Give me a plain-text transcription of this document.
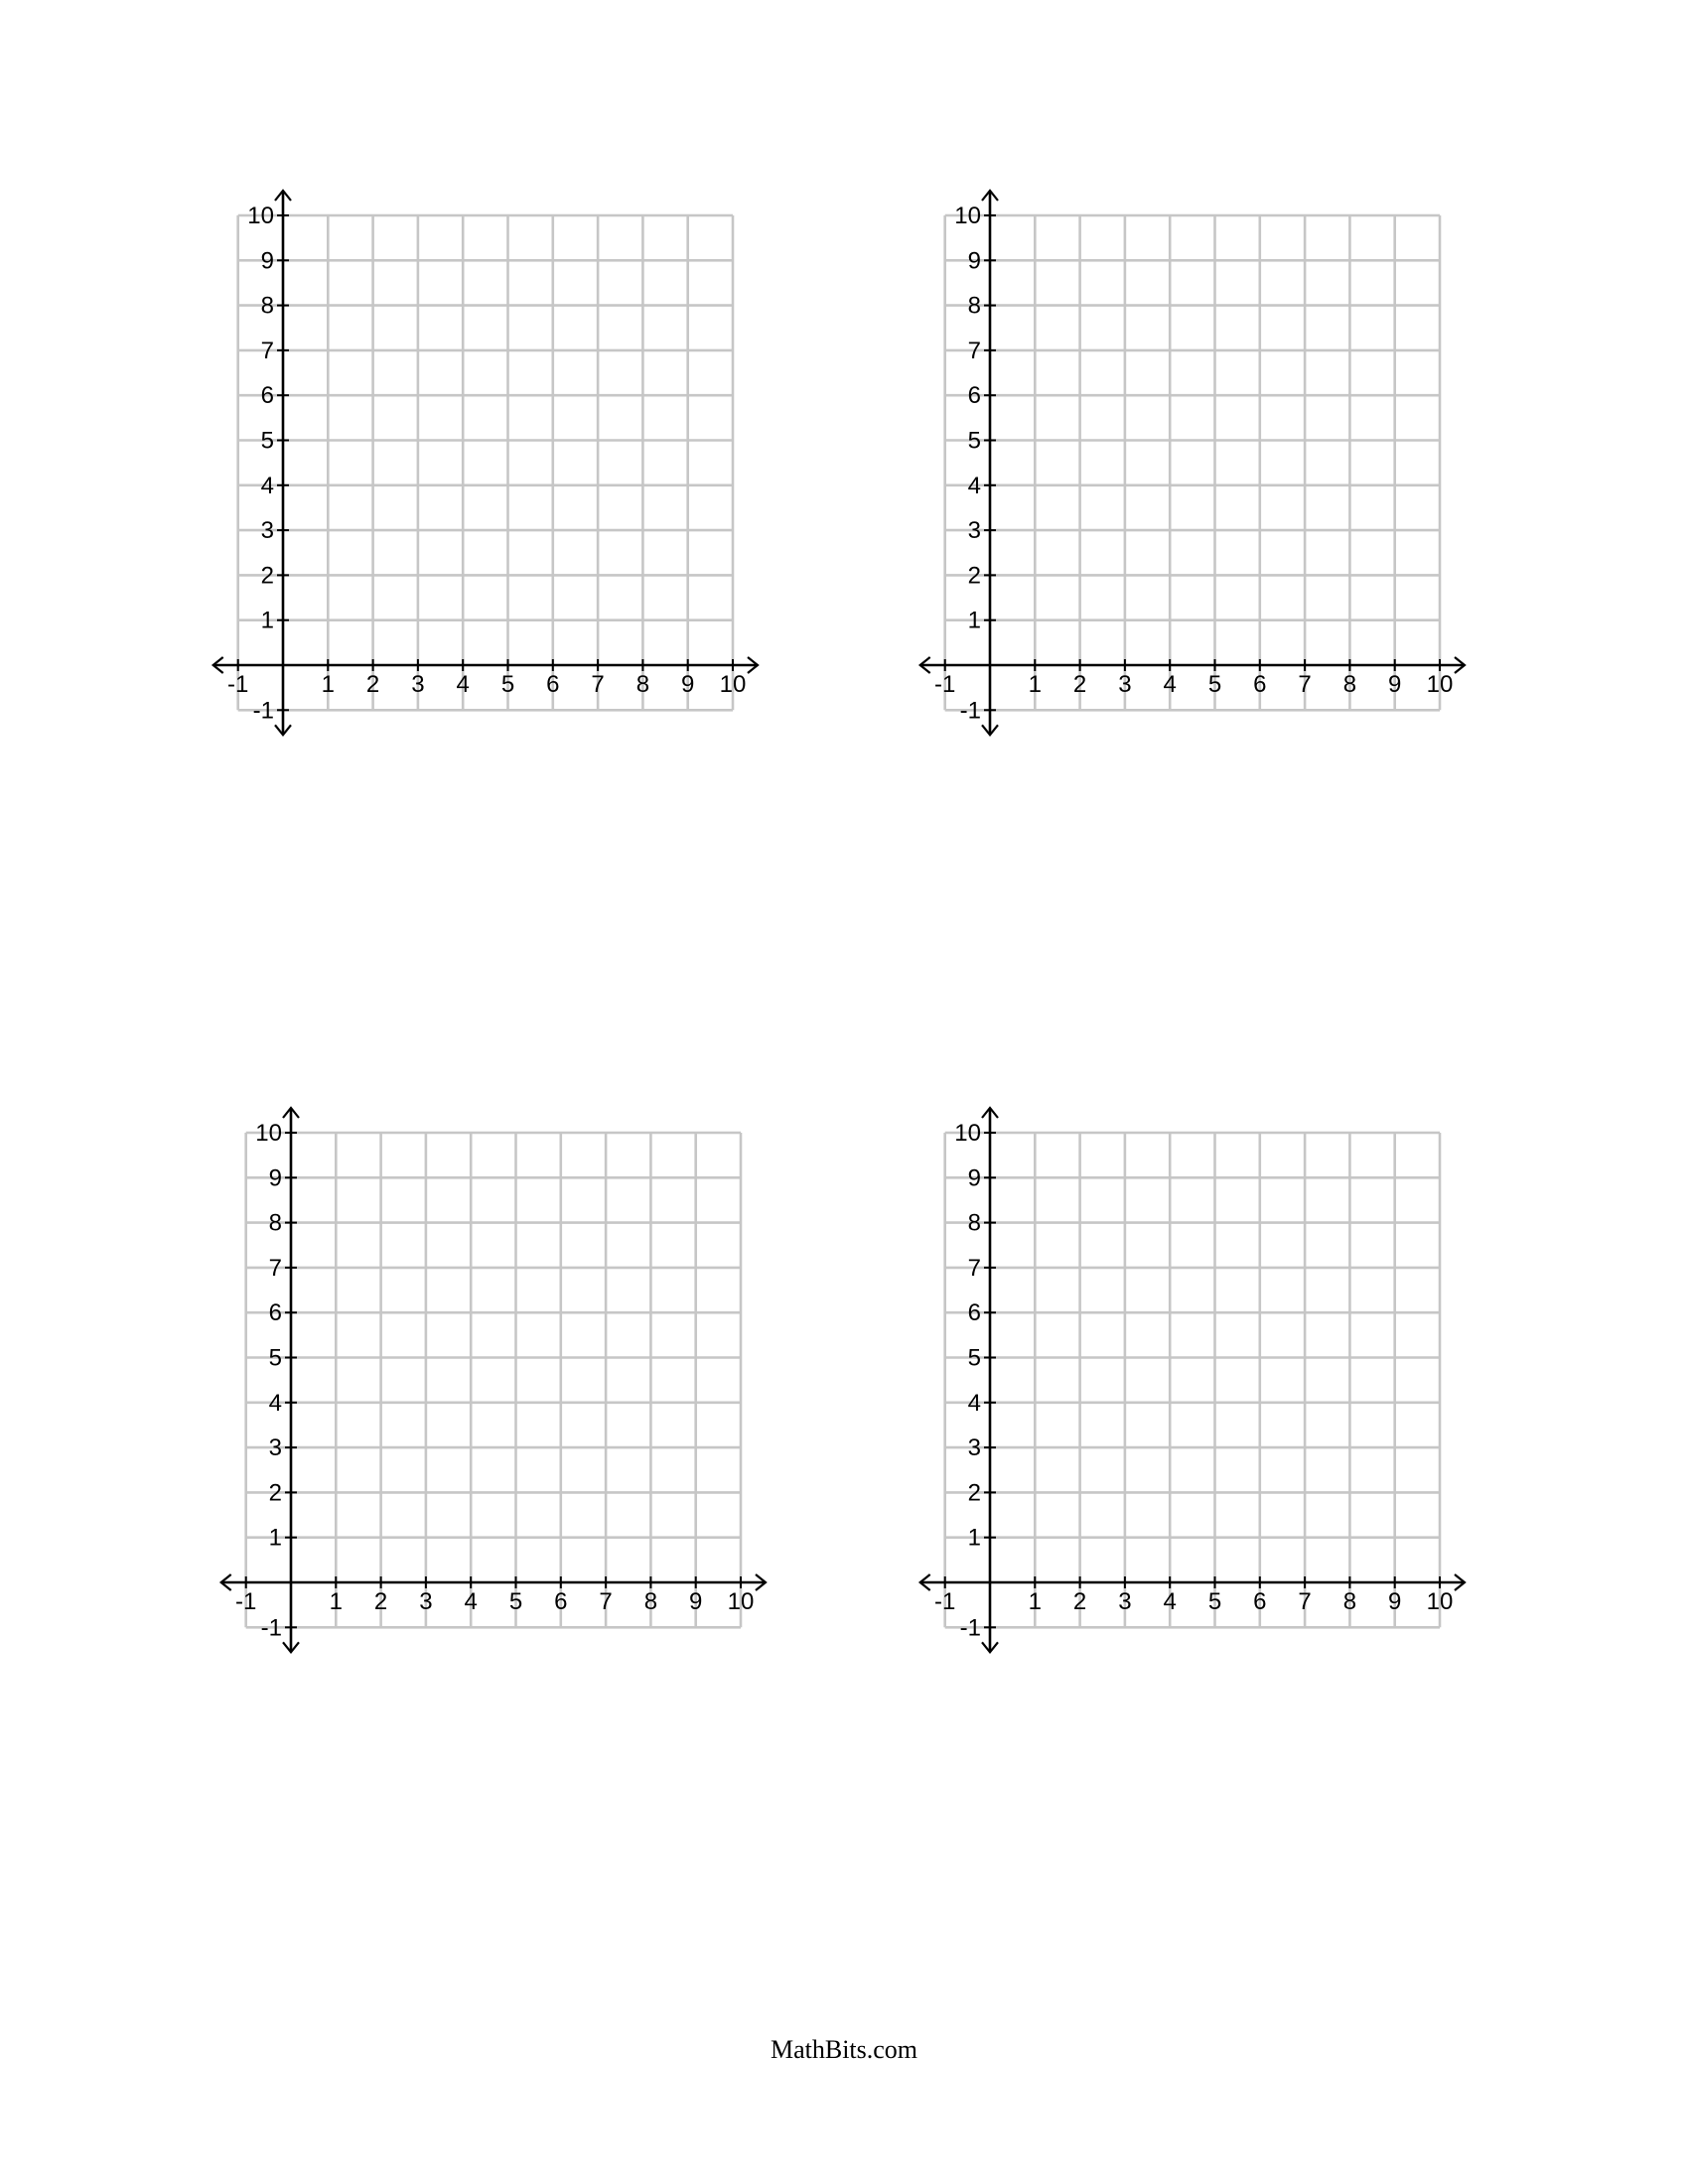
-1	1 2 3 4 5 6 7 8 9 10
10
9
8
7
6
5
4
3
2
1
-1
-1	1 2 3 4 5 6 7 8 9 10
10
9
8
7
6
5
4
3
2
1
-1
-1	1 2 3 4 5 6 7 8 9 10
10
9
8
7
6
5
4
3
2
1
-1
-1	1 2 3 4 5 6 7 8 9 10
10
9
8
7
6
5
4
3
2
1
-1
MathBits.com
